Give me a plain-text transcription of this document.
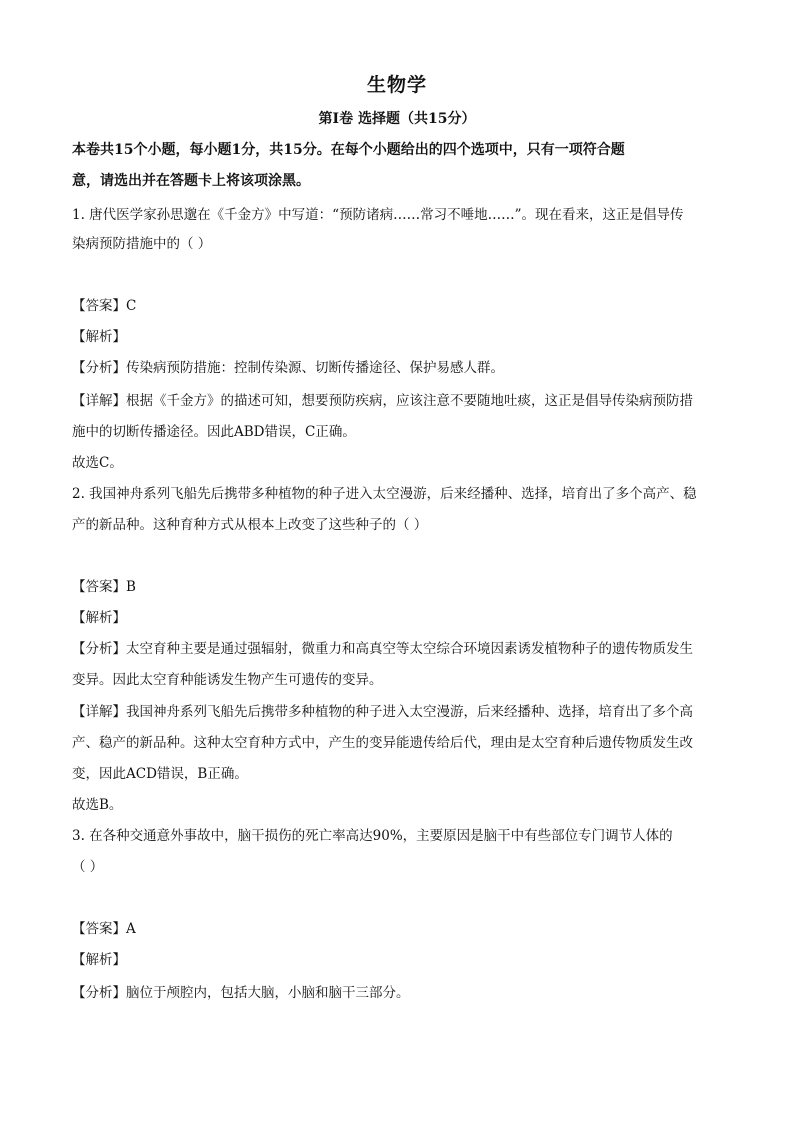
生物学
第Ⅰ卷 选择题（共15分）
本卷共15个小题，每小题1分，共15分。在每个小题给出的四个选项中，只有一项符合题
意，请选出并在答题卡上将该项涂黑。
1. 唐代医学家孙思邈在《千金方》中写道：“预防诸病……常习不唾地……”。现在看来，这正是倡导传
染病预防措施中的（ ）
【答案】C
【解析】
【分析】传染病预防措施：控制传染源、切断传播途径、保护易感人群。
【详解】根据《千金方》的描述可知，想要预防疾病，应该注意不要随地吐痰，这正是倡导传染病预防措
施中的切断传播途径。因此ABD错误，C正确。
故选C。
2. 我国神舟系列飞船先后携带多种植物的种子进入太空漫游，后来经播种、选择，培育出了多个高产、稳
产的新品种。这种育种方式从根本上改变了这些种子的（ ）
【答案】B
【解析】
【分析】太空育种主要是通过强辐射，微重力和高真空等太空综合环境因素诱发植物种子的遗传物质发生
变异。因此太空育种能诱发生物产生可遗传的变异。
【详解】我国神舟系列飞船先后携带多种植物的种子进入太空漫游，后来经播种、选择，培育出了多个高
产、稳产的新品种。这种太空育种方式中，产生的变异能遗传给后代，理由是太空育种后遗传物质发生改
变，因此ACD错误，B正确。
故选B。
3. 在各种交通意外事故中，脑干损伤的死亡率高达90%，主要原因是脑干中有些部位专门调节人体的
（ ）
【答案】A
【解析】
【分析】脑位于颅腔内，包括大脑，小脑和脑干三部分。
